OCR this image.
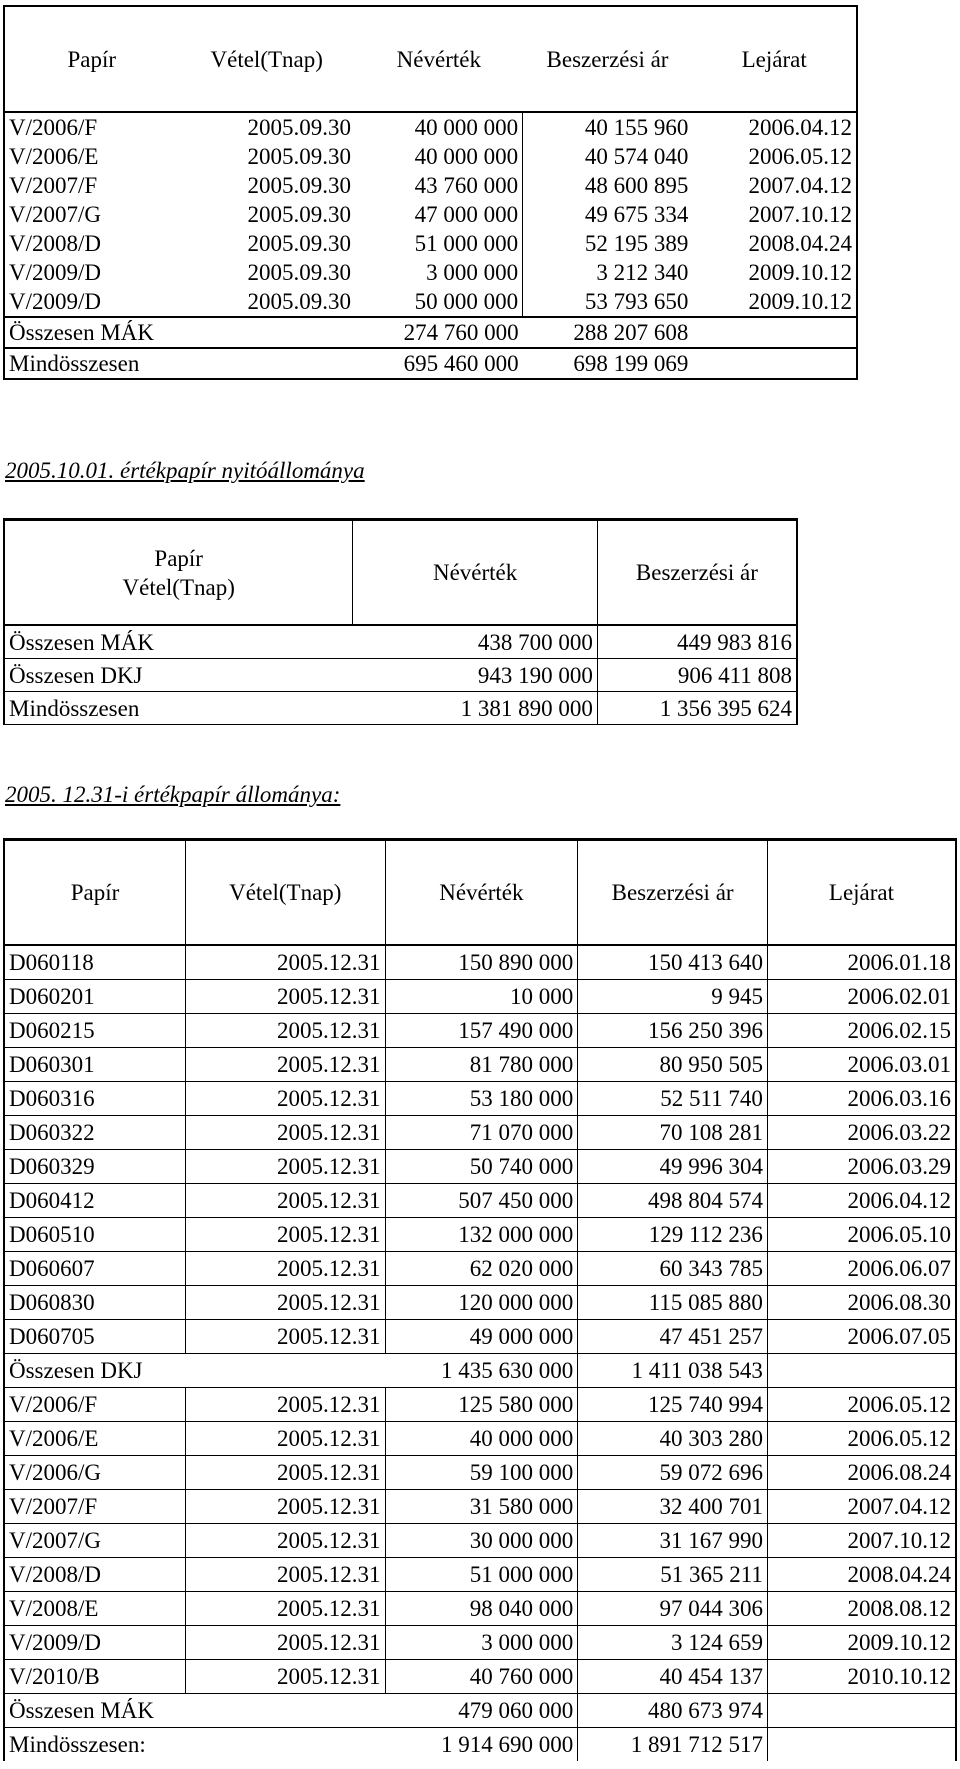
Papír	Vétel(Tnap)	Névérték	Beszerzési ár	Lejárat
V/2006/F	2005.09.30	40 000 000	40 155 960	2006.04.12
V/2006/E	2005.09.30	40 000 000	40 574 040	2006.05.12
V/2007/F	2005.09.30	43 760 000	48 600 895	2007.04.12
V/2007/G	2005.09.30	47 000 000	49 675 334	2007.10.12
V/2008/D	2005.09.30	51 000 000	52 195 389	2008.04.24
V/2009/D	2005.09.30	3 000 000	3 212 340	2009.10.12
V/2009/D	2005.09.30	50 000 000	53 793 650	2009.10.12
Összesen MÁK		274 760 000	288 207 608	
Mindösszesen		695 460 000	698 199 069	
2005.10.01. értékpapír nyitóállománya
Papír
Vétel(Tnap)	Névérték	Beszerzési ár
Összesen MÁK	438 700 000	449 983 816
Összesen DKJ	943 190 000	906 411 808
Mindösszesen	1 381 890 000	1 356 395 624
2005. 12.31-i értékpapír állománya:
Papír	Vétel(Tnap)	Névérték	Beszerzési ár	Lejárat
D060118	2005.12.31	150 890 000	150 413 640	2006.01.18
D060201	2005.12.31	10 000	9 945	2006.02.01
D060215	2005.12.31	157 490 000	156 250 396	2006.02.15
D060301	2005.12.31	81 780 000	80 950 505	2006.03.01
D060316	2005.12.31	53 180 000	52 511 740	2006.03.16
D060322	2005.12.31	71 070 000	70 108 281	2006.03.22
D060329	2005.12.31	50 740 000	49 996 304	2006.03.29
D060412	2005.12.31	507 450 000	498 804 574	2006.04.12
D060510	2005.12.31	132 000 000	129 112 236	2006.05.10
D060607	2005.12.31	62 020 000	60 343 785	2006.06.07
D060830	2005.12.31	120 000 000	115 085 880	2006.08.30
D060705	2005.12.31	49 000 000	47 451 257	2006.07.05
Összesen DKJ		1 435 630 000	1 411 038 543	
V/2006/F	2005.12.31	125 580 000	125 740 994	2006.05.12
V/2006/E	2005.12.31	40 000 000	40 303 280	2006.05.12
V/2006/G	2005.12.31	59 100 000	59 072 696	2006.08.24
V/2007/F	2005.12.31	31 580 000	32 400 701	2007.04.12
V/2007/G	2005.12.31	30 000 000	31 167 990	2007.10.12
V/2008/D	2005.12.31	51 000 000	51 365 211	2008.04.24
V/2008/E	2005.12.31	98 040 000	97 044 306	2008.08.12
V/2009/D	2005.12.31	3 000 000	3 124 659	2009.10.12
V/2010/B	2005.12.31	40 760 000	40 454 137	2010.10.12
Összesen MÁK		479 060 000	480 673 974	
Mindösszesen:		1 914 690 000	1 891 712 517	
